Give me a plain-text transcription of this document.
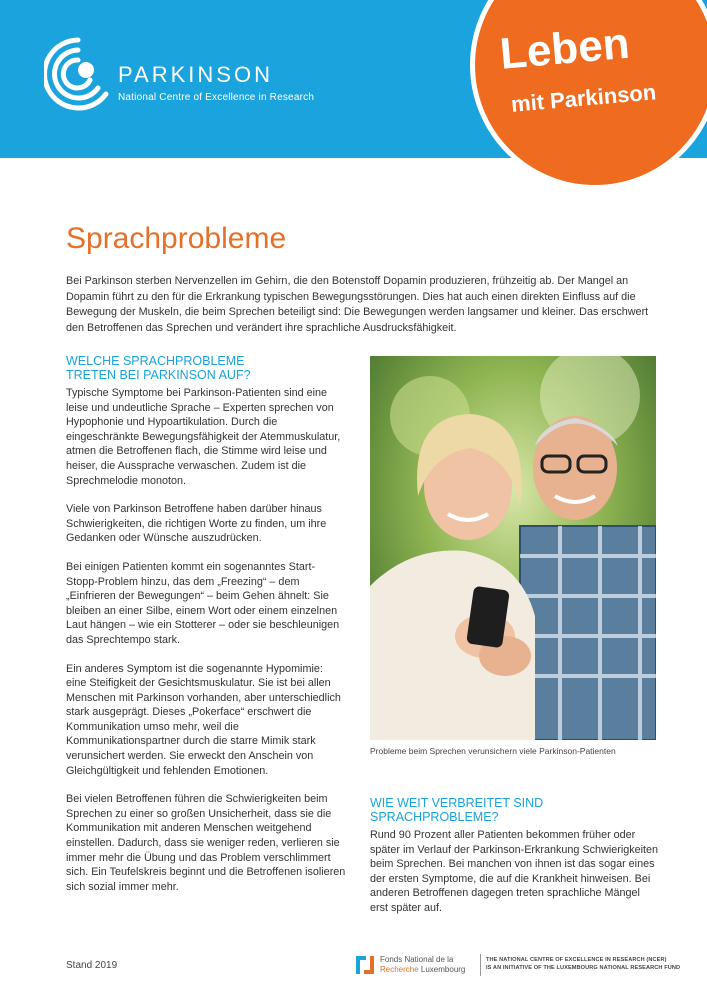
PARKINSON
National Centre of Excellence in Research
Leben
mit Parkinson
Sprachprobleme

Bei Parkinson sterben Nervenzellen im Gehirn, die den Botenstoff Dopamin produzieren, frühzeitig ab. Der Mangel an Dopamin führt zu den für die Erkrankung typischen Bewegungsstörungen. Dies hat auch einen direkten Einfluss auf die Bewegung der Muskeln, die beim Sprechen beteiligt sind: Die Bewegungen werden langsamer und kleiner. Das erschwert den Betroffenen das Sprechen und verändert ihre sprachliche Ausdrucksfähigkeit.

WELCHE SPRACHPROBLEME
TRETEN BEI PARKINSON AUF?

Typische Symptome bei Parkinson-Patienten sind eine leise und undeutliche Sprache – Experten sprechen von Hypophonie und Hypoartikulation. Durch die eingeschränkte Bewegungsfähigkeit der Atemmuskulatur, atmen die Betroffenen flach, die Stimme wird leise und heiser, die Aussprache verwaschen. Zudem ist die Sprechmelodie monoton.

Viele von Parkinson Betroffene haben darüber hinaus Schwierigkeiten, die richtigen Worte zu finden, um ihre Gedanken oder Wünsche auszudrücken.

Bei einigen Patienten kommt ein sogenanntes Start-Stopp-Problem hinzu, das dem „Freezing“ – dem „Einfrieren der Bewegungen“ – beim Gehen ähnelt: Sie bleiben an einer Silbe, einem Wort oder einem einzelnen Laut hängen – wie ein Stotterer – oder sie beschleunigen das Sprechtempo stark.

Ein anderes Symptom ist die sogenannte Hypomimie: eine Steifigkeit der Gesichtsmuskulatur. Sie ist bei allen Menschen mit Parkinson vorhanden, aber unterschiedlich stark ausgeprägt. Dieses „Pokerface“ erschwert die Kommunikation umso mehr, weil die Kommunikationspartner durch die starre Mimik stark verunsichert werden. Sie erweckt den Anschein von Gleichgültigkeit und fehlenden Emotionen.

Bei vielen Betroffenen führen die Schwierigkeiten beim Sprechen zu einer so großen Unsicherheit, dass sie die Kommunikation mit anderen Menschen weitgehend einstellen. Dadurch, dass sie weniger reden, verlieren sie immer mehr die Übung und das Problem verschlimmert sich. Ein Teufelskreis beginnt und die Betroffenen isolieren sich sozial immer mehr.

Probleme beim Sprechen verunsichern viele Parkinson-Patienten

WIE WEIT VERBREITET SIND
SPRACHPROBLEME?

Rund 90 Prozent aller Patienten bekommen früher oder später im Verlauf der Parkinson-Erkrankung Schwierigkeiten beim Sprechen. Bei manchen von ihnen ist das sogar eines der ersten Symptome, die auf die Krankheit hinweisen. Bei anderen Betroffenen dagegen treten sprachliche Mängel erst später auf.

Stand 2019
Fonds National de la
Recherche Luxembourg
THE NATIONAL CENTRE OF EXCELLENCE IN RESEARCH (NCER)
IS AN INITIATIVE OF THE LUXEMBOURG NATIONAL RESEARCH FUND
